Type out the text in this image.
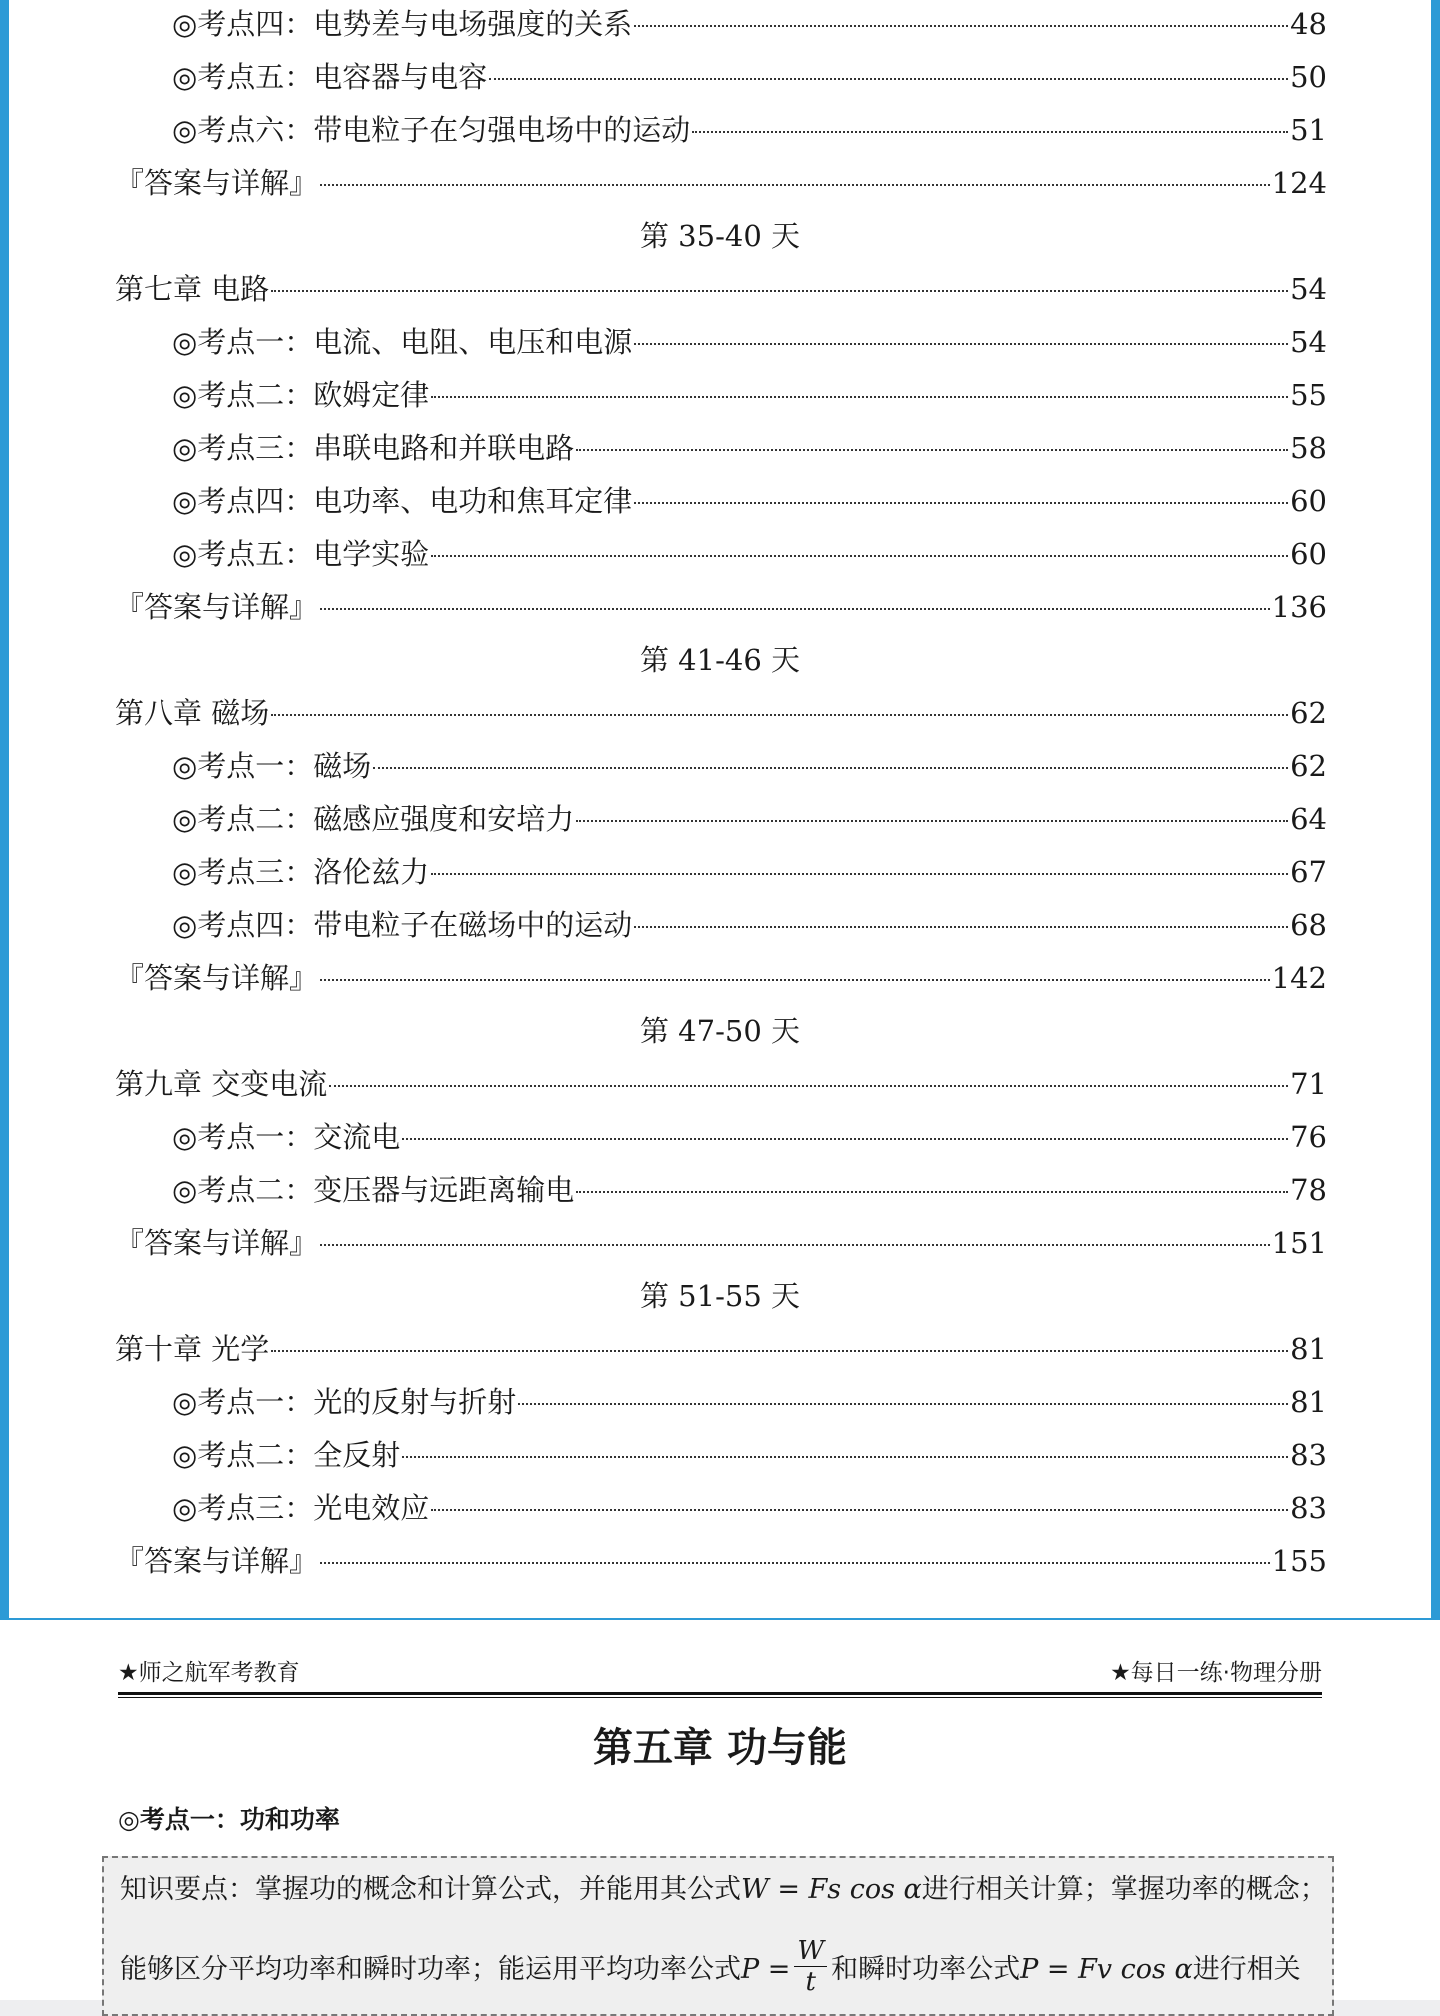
◎考点四：电势差与电场强度的关系	48
◎考点五：电容器与电容	50
◎考点六：带电粒子在匀强电场中的运动	51
『答案与详解』	124
第 35-40 天
第七章 电路	54
◎考点一：电流、电阻、电压和电源	54
◎考点二：欧姆定律	55
◎考点三：串联电路和并联电路	58
◎考点四：电功率、电功和焦耳定律	60
◎考点五：电学实验	60
『答案与详解』	136
第 41-46 天
第八章 磁场	62
◎考点一：磁场	62
◎考点二：磁感应强度和安培力	64
◎考点三：洛伦兹力	67
◎考点四：带电粒子在磁场中的运动	68
『答案与详解』	142
第 47-50 天
第九章 交变电流	71
◎考点一：交流电	76
◎考点二：变压器与远距离输电	78
『答案与详解』	151
第 51-55 天
第十章 光学	81
◎考点一：光的反射与折射	81
◎考点二：全反射	83
◎考点三：光电效应	83
『答案与详解』	155
★师之航军考教育	★每日一练·物理分册
第五章 功与能
◎考点一：功和功率
知识要点：掌握功的概念和计算公式，并能用其公式W = Fs cos α进行相关计算；掌握功率的概念；
能够区分平均功率和瞬时功率；能运用平均功率公式$P = \frac{W}{t}$ 和瞬时功率公式P = Fv cos α进行相关
